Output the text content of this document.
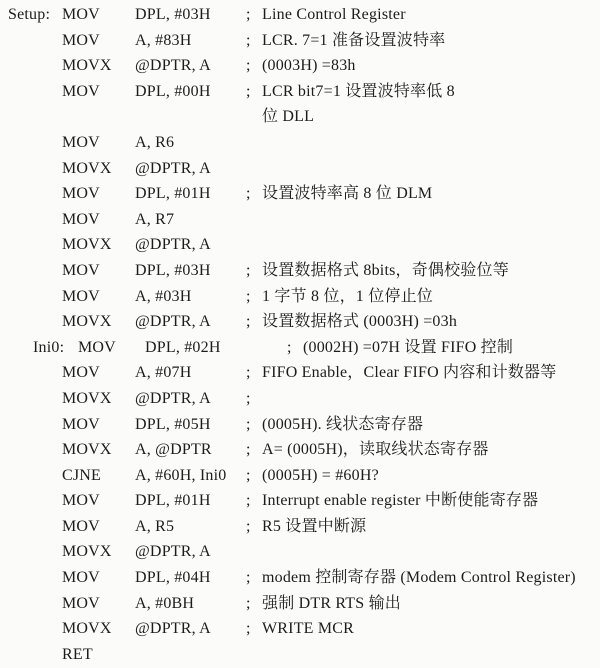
Setup: MOV	DPL, #03H	; Line Control Register
MOV	A, #83H	; LCR. 7=1 准备设置波特率
MOVX	@DPTR, A	; (0003H) =83h
MOV	DPL, #00H	; LCR bit7=1 设置波特率低 8
位 DLL
MOV	A, R6
MOVX	@DPTR, A
MOV	DPL, #01H	; 设置波特率高 8 位 DLM
MOV	A, R7
MOVX	@DPTR, A
MOV	DPL, #03H	; 设置数据格式 8bits，奇偶校验位等
MOV	A, #03H	; 1 字节 8 位，1 位停止位
MOVX	@DPTR, A	; 设置数据格式 (0003H) =03h
Ini0: MOV	DPL, #02H	; (0002H) =07H 设置 FIFO 控制
MOV	A, #07H	; FIFO Enable，Clear FIFO 内容和计数器等
MOVX	@DPTR, A	;
MOV	DPL, #05H	; (0005H). 线状态寄存器
MOVX	A, @DPTR	; A= (0005H)，读取线状态寄存器
CJNE	A, #60H, Ini0	; (0005H) = #60H?
MOV	DPL, #01H	; Interrupt enable register 中断使能寄存器
MOV	A, R5	; R5 设置中断源
MOVX	@DPTR, A
MOV	DPL, #04H	; modem 控制寄存器 (Modem Control Register)
MOV	A, #0BH	; 强制 DTR RTS 输出
MOVX	@DPTR, A	; WRITE MCR
RET
